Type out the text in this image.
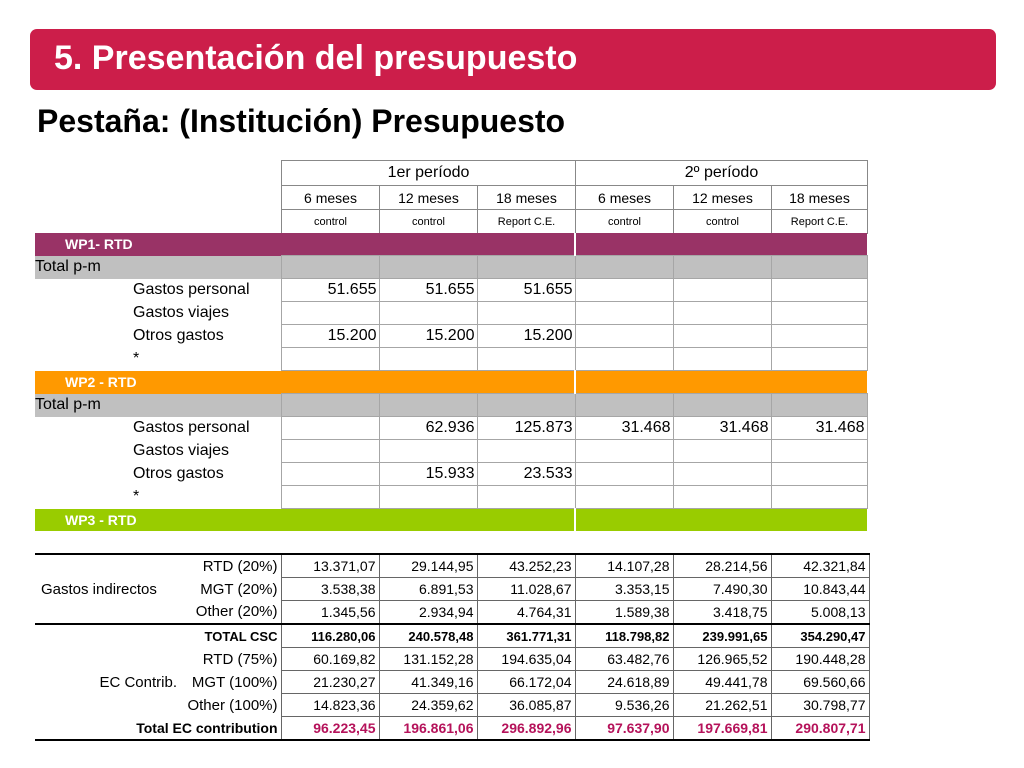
5. Presentación del presupuesto
Pestaña: (Institución) Presupuesto
1er período			2º período		
6 meses	12 meses	18 meses	6 meses	12 meses	18 meses
control	control	Report C.E.	control	control	Report C.E.
WP1- RTD						
Total p-m						
Gastos personal	51.655	51.655	51.655			
Gastos viajes						
Otros gastos	15.200	15.200	15.200			
*						
WP2 - RTD						
Total p-m						
Gastos personal		62.936	125.873	31.468	31.468	31.468
Gastos viajes						
Otros gastos		15.933	23.533			
*						
WP3 - RTD						
Gastos indirectos	RTD (20%)	13.371,07	29.144,95	43.252,23	14.107,28	28.214,56	42.321,84
	MGT (20%)	3.538,38	6.891,53	11.028,67	3.353,15	7.490,30	10.843,44
	Other (20%)	1.345,56	2.934,94	4.764,31	1.589,38	3.418,75	5.008,13
TOTAL CSC		116.280,06	240.578,48	361.771,31	118.798,82	239.991,65	354.290,47
EC Contrib.	RTD (75%)	60.169,82	131.152,28	194.635,04	63.482,76	126.965,52	190.448,28
	MGT (100%)	21.230,27	41.349,16	66.172,04	24.618,89	49.441,78	69.560,66
	Other (100%)	14.823,36	24.359,62	36.085,87	9.536,26	21.262,51	30.798,77
Total EC contribution		96.223,45	196.861,06	296.892,96	97.637,90	197.669,81	290.807,71
